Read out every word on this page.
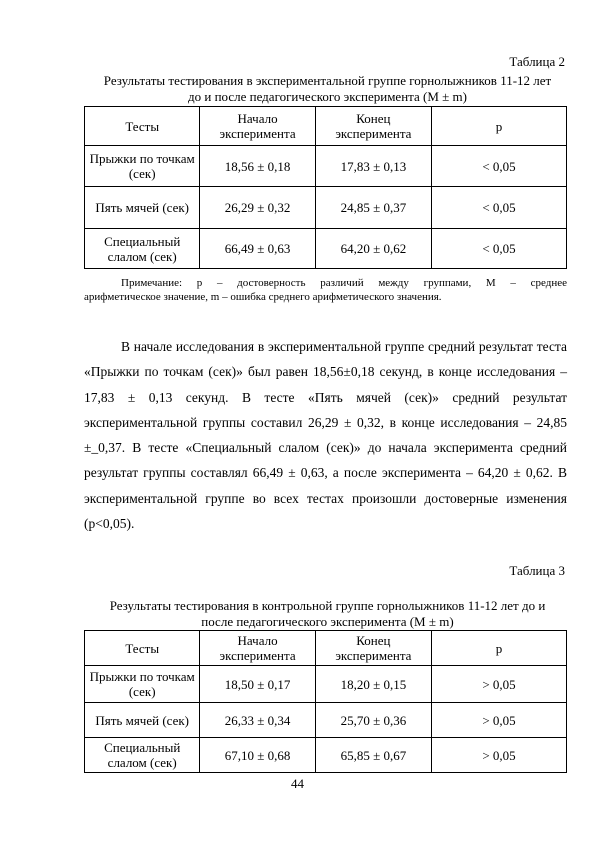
Таблица 2
Результаты тестирования в экспериментальной группе горнолыжников 11-12 лет
до и после педагогического эксперимента (M ± m)
Тесты	Начало эксперимента	Конец эксперимента	p
Прыжки по точкам (сек)	18,56 ± 0,18	17,83 ± 0,13	< 0,05
Пять мячей (сек)	26,29 ± 0,32	24,85 ± 0,37	< 0,05
Специальный слалом (сек)	66,49 ± 0,63	64,20 ± 0,62	< 0,05
Примечание: p – достоверность различий между группами, M – среднее
арифметическое значение, m – ошибка среднего арифметического значения.
В начале исследования в экспериментальной группе средний результат теста «Прыжки по точкам (сек)» был равен 18,56±0,18 секунд, в конце исследования – 17,83 ± 0,13 секунд. В тесте «Пять мячей (сек)» средний результат экспериментальной группы составил 26,29 ± 0,32, в конце исследования – 24,85 ±_0,37. В тесте «Специальный слалом (сек)» до начала эксперимента средний результат группы составлял 66,49 ± 0,63, а после эксперимента – 64,20 ± 0,62. В экспериментальной группе во всех тестах произошли достоверные изменения (p<0,05).
Таблица 3
Результаты тестирования в контрольной группе горнолыжников 11-12 лет до и
после педагогического эксперимента (M ± m)
Тесты	Начало эксперимента	Конец эксперимента	p
Прыжки по точкам (сек)	18,50 ± 0,17	18,20 ± 0,15	> 0,05
Пять мячей (сек)	26,33 ± 0,34	25,70 ± 0,36	> 0,05
Специальный слалом (сек)	67,10 ± 0,68	65,85 ± 0,67	> 0,05
44
